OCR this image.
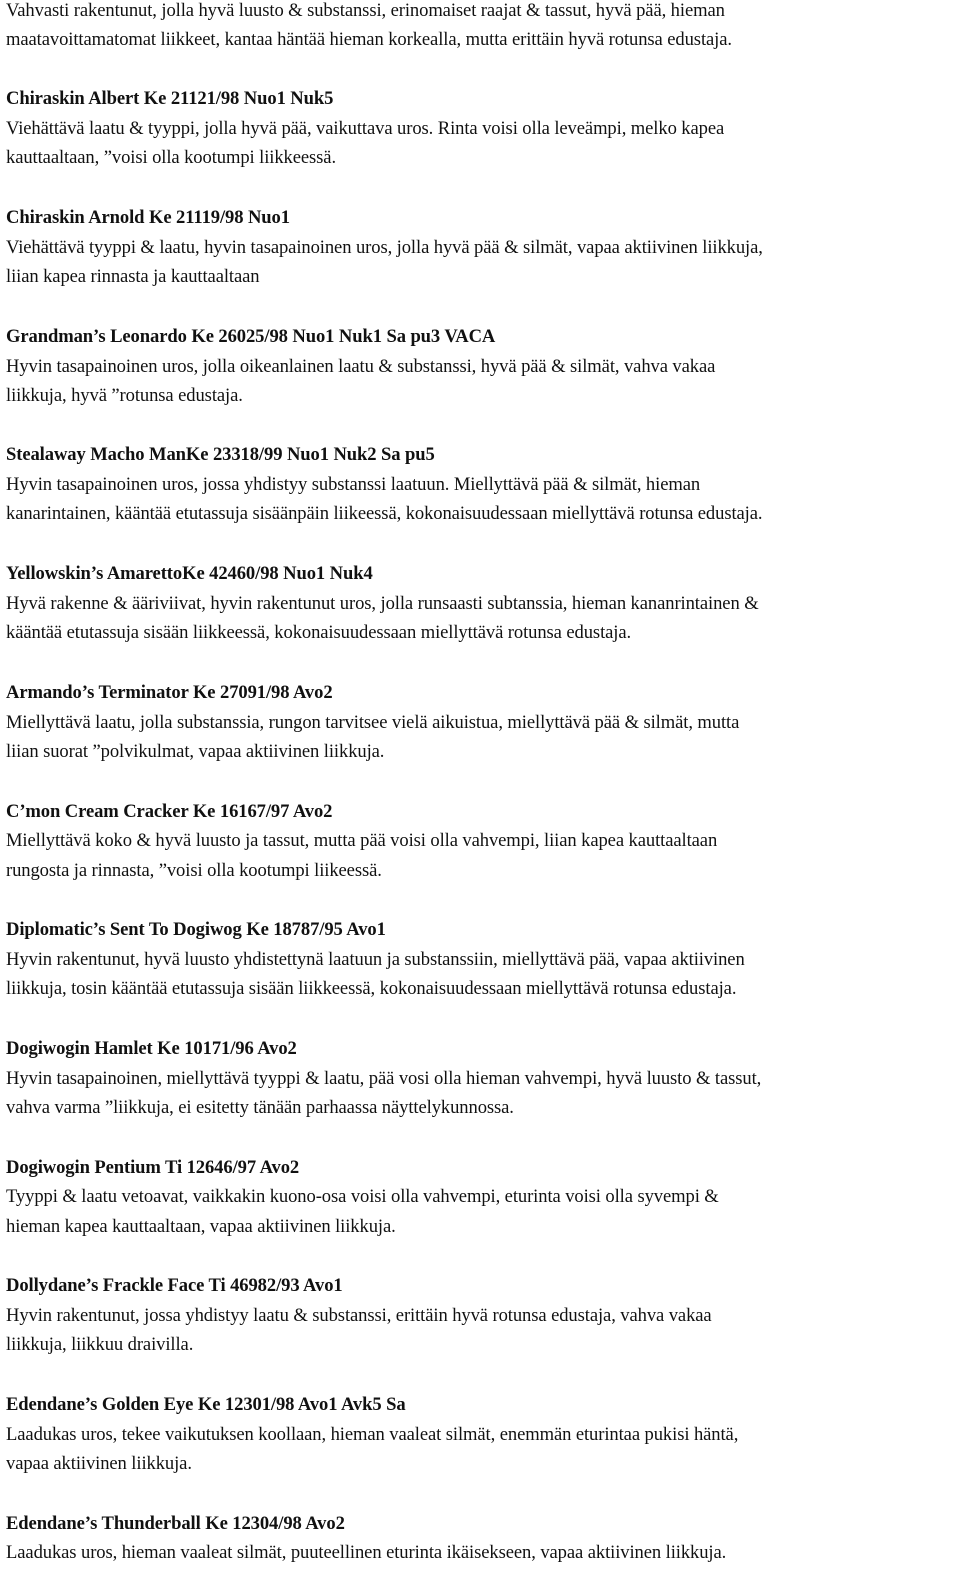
Vahvasti rakentunut, jolla hyvä luusto & substanssi, erinomaiset raajat & tassut, hyvä pää, hieman
maatavoittamatomat liikkeet, kantaa häntää hieman korkealla, mutta erittäin hyvä rotunsa edustaja.
Chiraskin Albert Ke 21121/98 Nuo1 Nuk5
Viehättävä laatu & tyyppi, jolla hyvä pää, vaikuttava uros. Rinta voisi olla leveämpi, melko kapea
kauttaaltaan, ”voisi olla kootumpi liikkeessä.
Chiraskin Arnold Ke 21119/98 Nuo1
Viehättävä tyyppi & laatu, hyvin tasapainoinen uros, jolla hyvä pää & silmät, vapaa aktiivinen liikkuja,
liian kapea rinnasta ja kauttaaltaan
Grandman’s Leonardo Ke 26025/98 Nuo1 Nuk1 Sa pu3 VACA
Hyvin tasapainoinen uros, jolla oikeanlainen laatu & substanssi, hyvä pää & silmät, vahva vakaa
liikkuja, hyvä ”rotunsa edustaja.
Stealaway Macho ManKe 23318/99 Nuo1 Nuk2 Sa pu5
Hyvin tasapainoinen uros, jossa yhdistyy substanssi laatuun. Miellyttävä pää & silmät, hieman
kanarintainen, kääntää etutassuja sisäänpäin liikeessä, kokonaisuudessaan miellyttävä rotunsa edustaja.
Yellowskin’s AmarettoKe 42460/98 Nuo1 Nuk4
Hyvä rakenne & ääriviivat, hyvin rakentunut uros, jolla runsaasti subtanssia, hieman kananrintainen &
kääntää etutassuja sisään liikkeessä, kokonaisuudessaan miellyttävä rotunsa edustaja.
Armando’s Terminator Ke 27091/98 Avo2
Miellyttävä laatu, jolla substanssia, rungon tarvitsee vielä aikuistua, miellyttävä pää & silmät, mutta
liian suorat ”polvikulmat, vapaa aktiivinen liikkuja.
C’mon Cream Cracker Ke 16167/97 Avo2
Miellyttävä koko & hyvä luusto ja tassut, mutta pää voisi olla vahvempi, liian kapea kauttaaltaan
rungosta ja rinnasta, ”voisi olla kootumpi liikeessä.
Diplomatic’s Sent To Dogiwog Ke 18787/95 Avo1
Hyvin rakentunut, hyvä luusto yhdistettynä laatuun ja substanssiin, miellyttävä pää, vapaa aktiivinen
liikkuja, tosin kääntää etutassuja sisään liikkeessä, kokonaisuudessaan miellyttävä rotunsa edustaja.
Dogiwogin Hamlet Ke 10171/96 Avo2
Hyvin tasapainoinen, miellyttävä tyyppi & laatu, pää vosi olla hieman vahvempi, hyvä luusto & tassut,
vahva varma ”liikkuja, ei esitetty tänään parhaassa näyttelykunnossa.
Dogiwogin Pentium Ti 12646/97 Avo2
Tyyppi & laatu vetoavat, vaikkakin kuono-osa voisi olla vahvempi, eturinta voisi olla syvempi &
hieman kapea kauttaaltaan, vapaa aktiivinen liikkuja.
Dollydane’s Frackle Face Ti 46982/93 Avo1
Hyvin rakentunut, jossa yhdistyy laatu & substanssi, erittäin hyvä rotunsa edustaja, vahva vakaa
liikkuja, liikkuu draivilla.
Edendane’s Golden Eye Ke 12301/98 Avo1 Avk5 Sa
Laadukas uros, tekee vaikutuksen koollaan, hieman vaaleat silmät, enemmän eturintaa pukisi häntä,
vapaa aktiivinen liikkuja.
Edendane’s Thunderball Ke 12304/98 Avo2
Laadukas uros, hieman vaaleat silmät, puuteellinen eturinta ikäisekseen, vapaa aktiivinen liikkuja.
